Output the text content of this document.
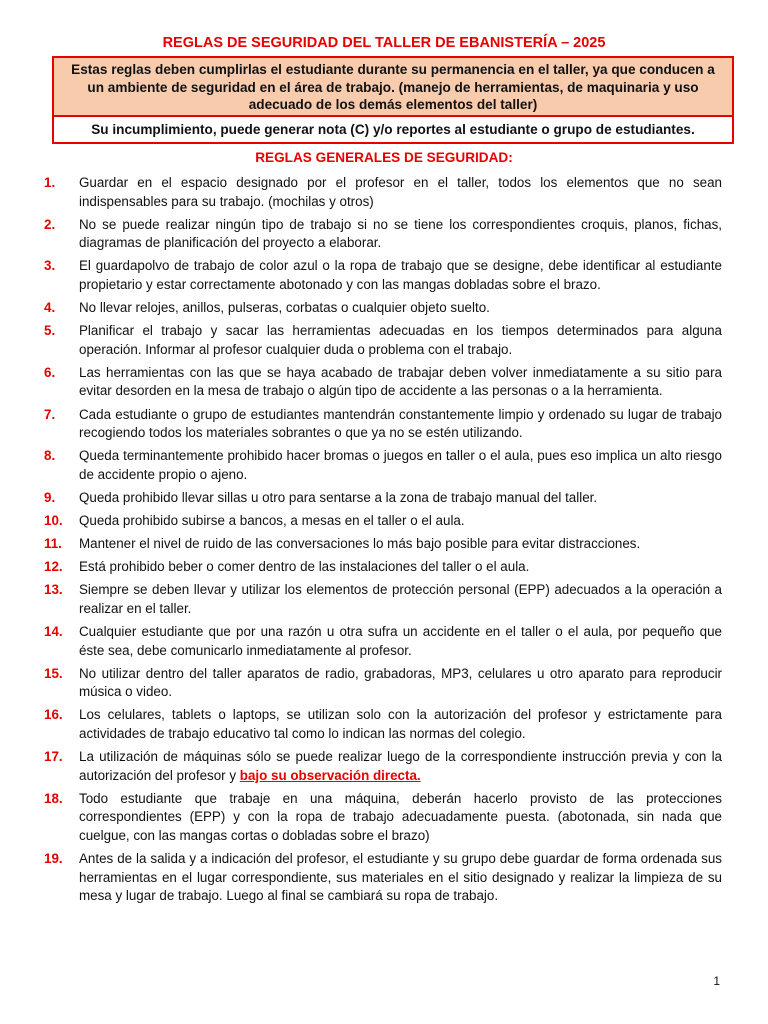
REGLAS DE SEGURIDAD DEL TALLER DE EBANISTERÍA – 2025
Estas reglas deben cumplirlas el estudiante durante su permanencia en el taller, ya que conducen a un ambiente de seguridad en el área de trabajo. (manejo de herramientas, de maquinaria y uso adecuado de los demás elementos del taller)
Su incumplimiento, puede generar nota (C) y/o reportes al estudiante o grupo de estudiantes.
REGLAS GENERALES DE SEGURIDAD:
1.	Guardar en el espacio designado por el profesor en el taller, todos los elementos que no sean indispensables para su trabajo. (mochilas y otros)
2.	No se puede realizar ningún tipo de trabajo si no se tiene los correspondientes croquis, planos, fichas, diagramas de planificación del proyecto a elaborar.
3.	El guardapolvo de trabajo de color azul o la ropa de trabajo que se designe, debe identificar al estudiante propietario y estar correctamente abotonado y con las mangas dobladas sobre el brazo.
4.	No llevar relojes, anillos, pulseras, corbatas o cualquier objeto suelto.
5.	Planificar el trabajo y sacar las herramientas adecuadas en los tiempos determinados para alguna operación. Informar al profesor cualquier duda o problema con el trabajo.
6.	Las herramientas con las que se haya acabado de trabajar deben volver inmediatamente a su sitio para evitar desorden en la mesa de trabajo o algún tipo de accidente a las personas o a la herramienta.
7.	Cada estudiante o grupo de estudiantes mantendrán constantemente limpio y ordenado su lugar de trabajo recogiendo todos los materiales sobrantes o que ya no se estén utilizando.
8.	Queda terminantemente prohibido hacer bromas o juegos en taller o el aula, pues eso implica un alto riesgo de accidente propio o ajeno.
9.	Queda prohibido llevar sillas u otro para sentarse a la zona de trabajo manual del taller.
10.	Queda prohibido subirse a bancos, a mesas en el taller o el aula.
11.	Mantener el nivel de ruido de las conversaciones lo más bajo posible para evitar distracciones.
12.	Está prohibido beber o comer dentro de las instalaciones del taller o el aula.
13.	Siempre se deben llevar y utilizar los elementos de protección personal (EPP) adecuados a la operación a realizar en el taller.
14.	Cualquier estudiante que por una razón u otra sufra un accidente en el taller o el aula, por pequeño que éste sea, debe comunicarlo inmediatamente al profesor.
15.	No utilizar dentro del taller aparatos de radio, grabadoras, MP3, celulares u otro aparato para reproducir música o video.
16.	Los celulares, tablets o laptops, se utilizan solo con la autorización del profesor y estrictamente para actividades de trabajo educativo tal como lo indican las normas del colegio.
17.	La utilización de máquinas sólo se puede realizar luego de la correspondiente instrucción previa y con la autorización del profesor y bajo su observación directa.
18.	Todo estudiante que trabaje en una máquina, deberán hacerlo provisto de las protecciones correspondientes (EPP) y con la ropa de trabajo adecuadamente puesta. (abotonada, sin nada que cuelgue, con las mangas cortas o dobladas sobre el brazo)
19.	Antes de la salida y a indicación del profesor, el estudiante y su grupo debe guardar de forma ordenada sus herramientas en el lugar correspondiente, sus materiales en el sitio designado y realizar la limpieza de su mesa y lugar de trabajo. Luego al final se cambiará su ropa de trabajo.
1
